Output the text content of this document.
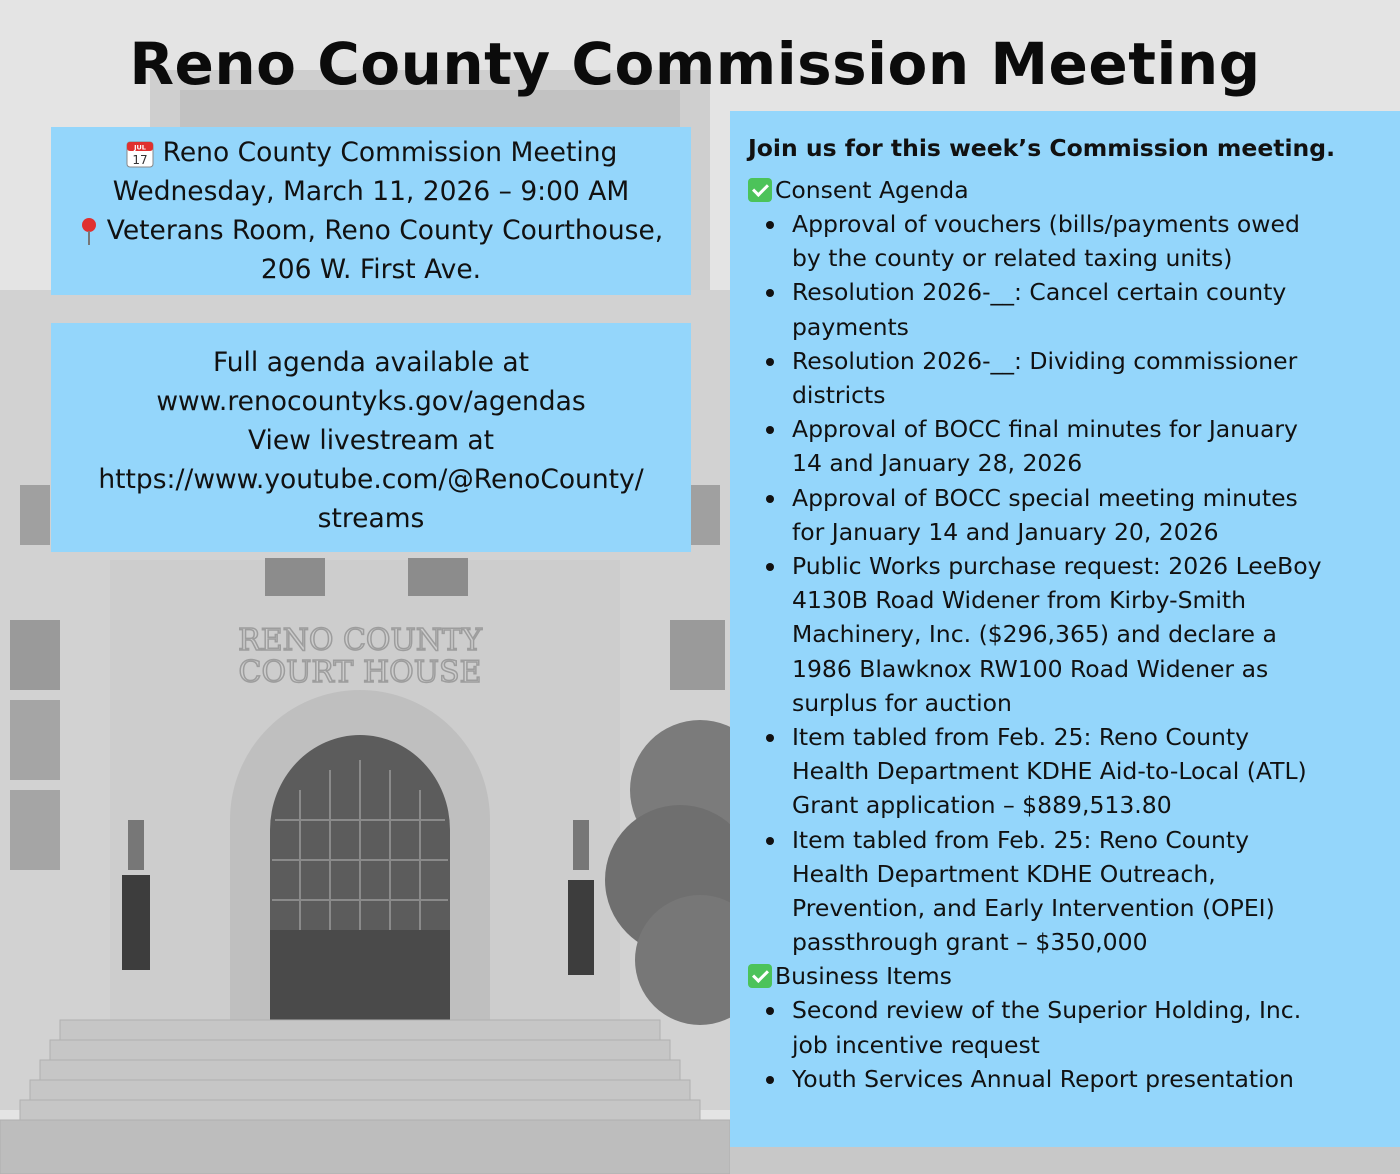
RENO COUNTY
COURT HOUSE
Reno County Commission Meeting
JUL
17 Reno County Commission Meeting
Wednesday, March 11, 2026 – 9:00 AM
Veterans Room, Reno County Courthouse,
206 W. First Ave.
Full agenda available at
www.renocountyks.gov/agendas
View livestream at
https://www.youtube.com/@RenoCounty/
streams
Join us for this week’s Commission meeting.
Consent Agenda
Approval of vouchers (bills/payments owed by the county or related taxing units)
Resolution 2026-__: Cancel certain county payments
Resolution 2026-__: Dividing commissioner districts
Approval of BOCC final minutes for January 14 and January 28, 2026
Approval of BOCC special meeting minutes for January 14 and January 20, 2026
Public Works purchase request: 2026 LeeBoy 4130B Road Widener from Kirby-Smith Machinery, Inc. ($296,365) and declare a 1986 Blawknox RW100 Road Widener as surplus for auction
Item tabled from Feb. 25: Reno County Health Department KDHE Aid-to-Local (ATL) Grant application – $889,513.80
Item tabled from Feb. 25: Reno County Health Department KDHE Outreach, Prevention, and Early Intervention (OPEI) passthrough grant – $350,000
Business Items
Second review of the Superior Holding, Inc. job incentive request
Youth Services Annual Report presentation
